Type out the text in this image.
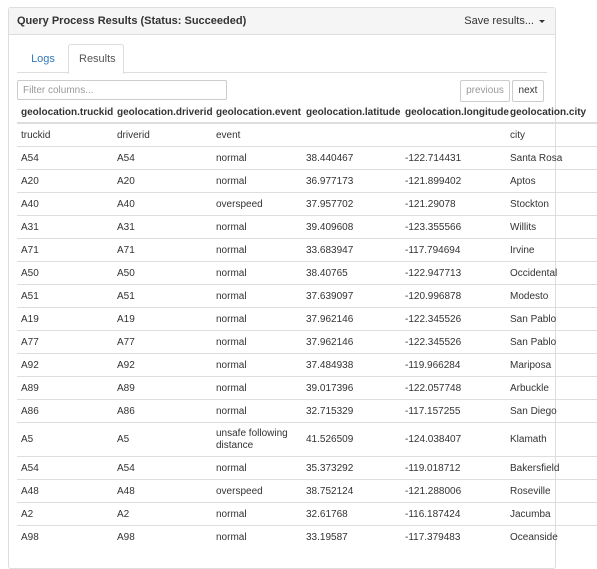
Query Process Results (Status: Succeeded)	Save results...
Logs	Results
Filter columns...
previous	next
geolocation.truckid	geolocation.driverid	geolocation.event	geolocation.latitude	geolocation.longitude	geolocation.city
truckid	driverid	event			city
A54	A54	normal	38.440467	-122.714431	Santa Rosa
A20	A20	normal	36.977173	-121.899402	Aptos
A40	A40	overspeed	37.957702	-121.29078	Stockton
A31	A31	normal	39.409608	-123.355566	Willits
A71	A71	normal	33.683947	-117.794694	Irvine
A50	A50	normal	38.40765	-122.947713	Occidental
A51	A51	normal	37.639097	-120.996878	Modesto
A19	A19	normal	37.962146	-122.345526	San Pablo
A77	A77	normal	37.962146	-122.345526	San Pablo
A92	A92	normal	37.484938	-119.966284	Mariposa
A89	A89	normal	39.017396	-122.057748	Arbuckle
A86	A86	normal	32.715329	-117.157255	San Diego
A5	A5	unsafe following distance	41.526509	-124.038407	Klamath
A54	A54	normal	35.373292	-119.018712	Bakersfield
A48	A48	overspeed	38.752124	-121.288006	Roseville
A2	A2	normal	32.61768	-116.187424	Jacumba
A98	A98	normal	33.19587	-117.379483	Oceanside
